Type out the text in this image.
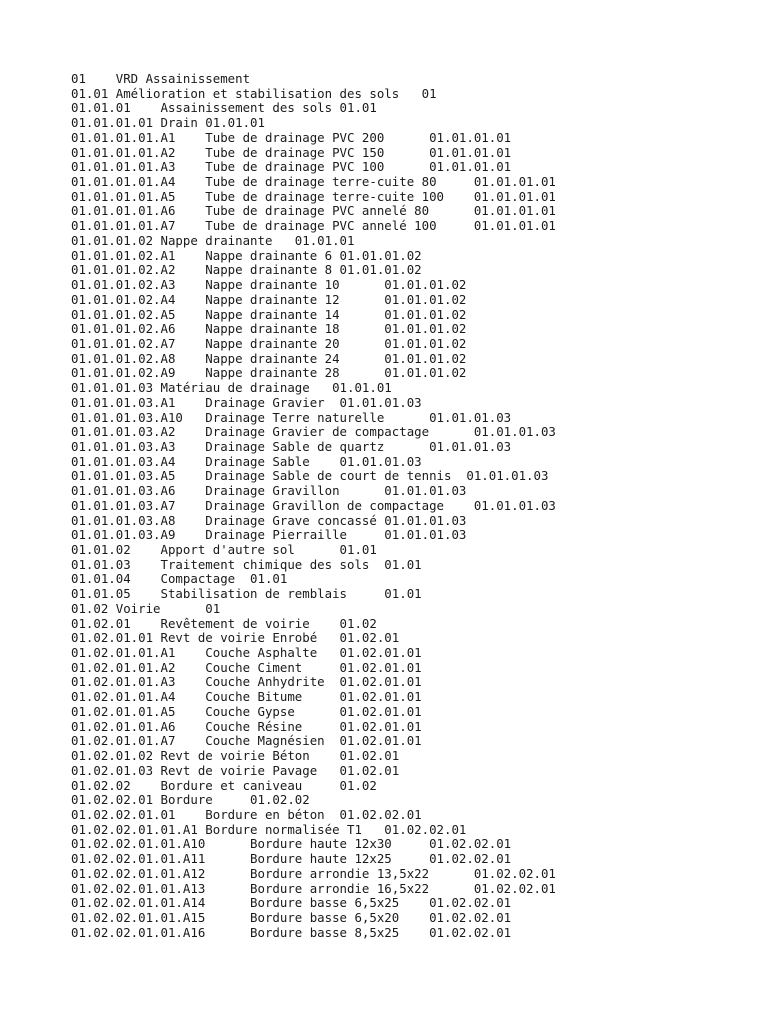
01    VRD Assainissement
01.01 Amélioration et stabilisation des sols   01
01.01.01    Assainissement des sols 01.01
01.01.01.01 Drain 01.01.01
01.01.01.01.A1    Tube de drainage PVC 200      01.01.01.01
01.01.01.01.A2    Tube de drainage PVC 150      01.01.01.01
01.01.01.01.A3    Tube de drainage PVC 100      01.01.01.01
01.01.01.01.A4    Tube de drainage terre-cuite 80     01.01.01.01
01.01.01.01.A5    Tube de drainage terre-cuite 100    01.01.01.01
01.01.01.01.A6    Tube de drainage PVC annelé 80      01.01.01.01
01.01.01.01.A7    Tube de drainage PVC annelé 100     01.01.01.01
01.01.01.02 Nappe drainante   01.01.01
01.01.01.02.A1    Nappe drainante 6 01.01.01.02
01.01.01.02.A2    Nappe drainante 8 01.01.01.02
01.01.01.02.A3    Nappe drainante 10      01.01.01.02
01.01.01.02.A4    Nappe drainante 12      01.01.01.02
01.01.01.02.A5    Nappe drainante 14      01.01.01.02
01.01.01.02.A6    Nappe drainante 18      01.01.01.02
01.01.01.02.A7    Nappe drainante 20      01.01.01.02
01.01.01.02.A8    Nappe drainante 24      01.01.01.02
01.01.01.02.A9    Nappe drainante 28      01.01.01.02
01.01.01.03 Matériau de drainage   01.01.01
01.01.01.03.A1    Drainage Gravier  01.01.01.03
01.01.01.03.A10   Drainage Terre naturelle      01.01.01.03
01.01.01.03.A2    Drainage Gravier de compactage      01.01.01.03
01.01.01.03.A3    Drainage Sable de quartz      01.01.01.03
01.01.01.03.A4    Drainage Sable    01.01.01.03
01.01.01.03.A5    Drainage Sable de court de tennis  01.01.01.03
01.01.01.03.A6    Drainage Gravillon      01.01.01.03
01.01.01.03.A7    Drainage Gravillon de compactage    01.01.01.03
01.01.01.03.A8    Drainage Grave concassé 01.01.01.03
01.01.01.03.A9    Drainage Pierraille     01.01.01.03
01.01.02    Apport d'autre sol      01.01
01.01.03    Traitement chimique des sols  01.01
01.01.04    Compactage  01.01
01.01.05    Stabilisation de remblais     01.01
01.02 Voirie      01
01.02.01    Revêtement de voirie    01.02
01.02.01.01 Revt de voirie Enrobé   01.02.01
01.02.01.01.A1    Couche Asphalte   01.02.01.01
01.02.01.01.A2    Couche Ciment     01.02.01.01
01.02.01.01.A3    Couche Anhydrite  01.02.01.01
01.02.01.01.A4    Couche Bitume     01.02.01.01
01.02.01.01.A5    Couche Gypse      01.02.01.01
01.02.01.01.A6    Couche Résine     01.02.01.01
01.02.01.01.A7    Couche Magnésien  01.02.01.01
01.02.01.02 Revt de voirie Béton    01.02.01
01.02.01.03 Revt de voirie Pavage   01.02.01
01.02.02    Bordure et caniveau     01.02
01.02.02.01 Bordure     01.02.02
01.02.02.01.01    Bordure en béton  01.02.02.01
01.02.02.01.01.A1 Bordure normalisée T1   01.02.02.01
01.02.02.01.01.A10      Bordure haute 12x30     01.02.02.01
01.02.02.01.01.A11      Bordure haute 12x25     01.02.02.01
01.02.02.01.01.A12      Bordure arrondie 13,5x22      01.02.02.01
01.02.02.01.01.A13      Bordure arrondie 16,5x22      01.02.02.01
01.02.02.01.01.A14      Bordure basse 6,5x25    01.02.02.01
01.02.02.01.01.A15      Bordure basse 6,5x20    01.02.02.01
01.02.02.01.01.A16      Bordure basse 8,5x25    01.02.02.01
